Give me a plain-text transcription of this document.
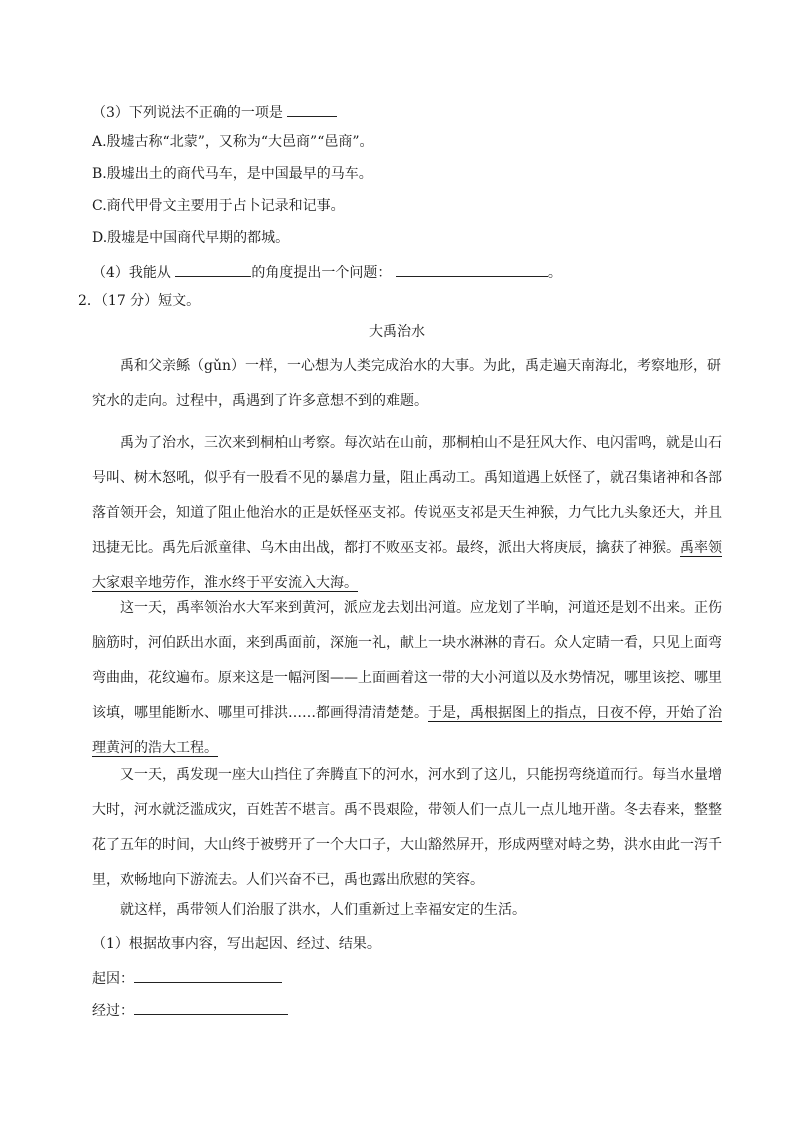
（3）下列说法不正确的一项是
A.殷墟古称“北蒙”，又称为“大邑商”“邑商”。
B.殷墟出土的商代马车，是中国最早的马车。
C.商代甲骨文主要用于占卜记录和记事。
D.殷墟是中国商代早期的都城。
（4）我能从	的角度提出一个问题：	。
2．（17 分）短文。
大禹治水
禹和父亲鲧（gǔn）一样，一心想为人类完成治水的大事。为此，禹走遍天南海北，考察地形，研
究水的走向。过程中，禹遇到了许多意想不到的难题。
禹为了治水，三次来到桐柏山考察。每次站在山前，那桐柏山不是狂风大作、电闪雷鸣，就是山石
号叫、树木怒吼，似乎有一股看不见的暴虐力量，阻止禹动工。禹知道遇上妖怪了，就召集诸神和各部
落首领开会，知道了阻止他治水的正是妖怪巫支祁。传说巫支祁是天生神猴，力气比九头象还大，并且
迅捷无比。禹先后派童律、乌木由出战，都打不败巫支祁。最终，派出大将庚辰，擒获了神猴。禹率领
大家艰辛地劳作，淮水终于平安流入大海。
这一天，禹率领治水大军来到黄河，派应龙去划出河道。应龙划了半晌，河道还是划不出来。正伤
脑筋时，河伯跃出水面，来到禹面前，深施一礼，献上一块水淋淋的青石。众人定睛一看，只见上面弯
弯曲曲，花纹遍布。原来这是一幅河图——上面画着这一带的大小河道以及水势情况，哪里该挖、哪里
该填，哪里能断水、哪里可排洪……都画得清清楚楚。于是，禹根据图上的指点，日夜不停，开始了治
理黄河的浩大工程。
又一天，禹发现一座大山挡住了奔腾直下的河水，河水到了这儿，只能拐弯绕道而行。每当水量增
大时，河水就泛滥成灾，百姓苦不堪言。禹不畏艰险，带领人们一点儿一点儿地开凿。冬去春来，整整
花了五年的时间，大山终于被劈开了一个大口子，大山豁然屏开，形成两壁对峙之势，洪水由此一泻千
里，欢畅地向下游流去。人们兴奋不已，禹也露出欣慰的笑容。
就这样，禹带领人们治服了洪水，人们重新过上幸福安定的生活。
（1）根据故事内容，写出起因、经过、结果。
起因：
经过：
